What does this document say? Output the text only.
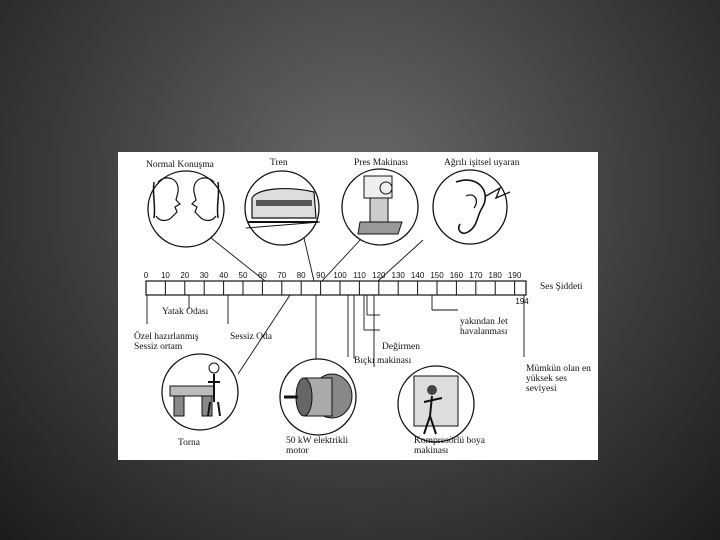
0 10 20 30 40 50 60 70 80 90 100 110 120 130 140 150 160 170 180 190
194
Ses Şiddeti
Normal Konuşma	Tren	Pres Makinası	Ağrılı işitsel uyaran
Yatak Odası
Özel hazırlanmış Sessiz ortam
Sessiz Oda
Değirmen
Bıçkı makinası
yakından Jet havalanması
Mümkün olan en yüksek ses seviyesi
Torna	50 kW elektrikli motor
Kompresörlü boya makinası
